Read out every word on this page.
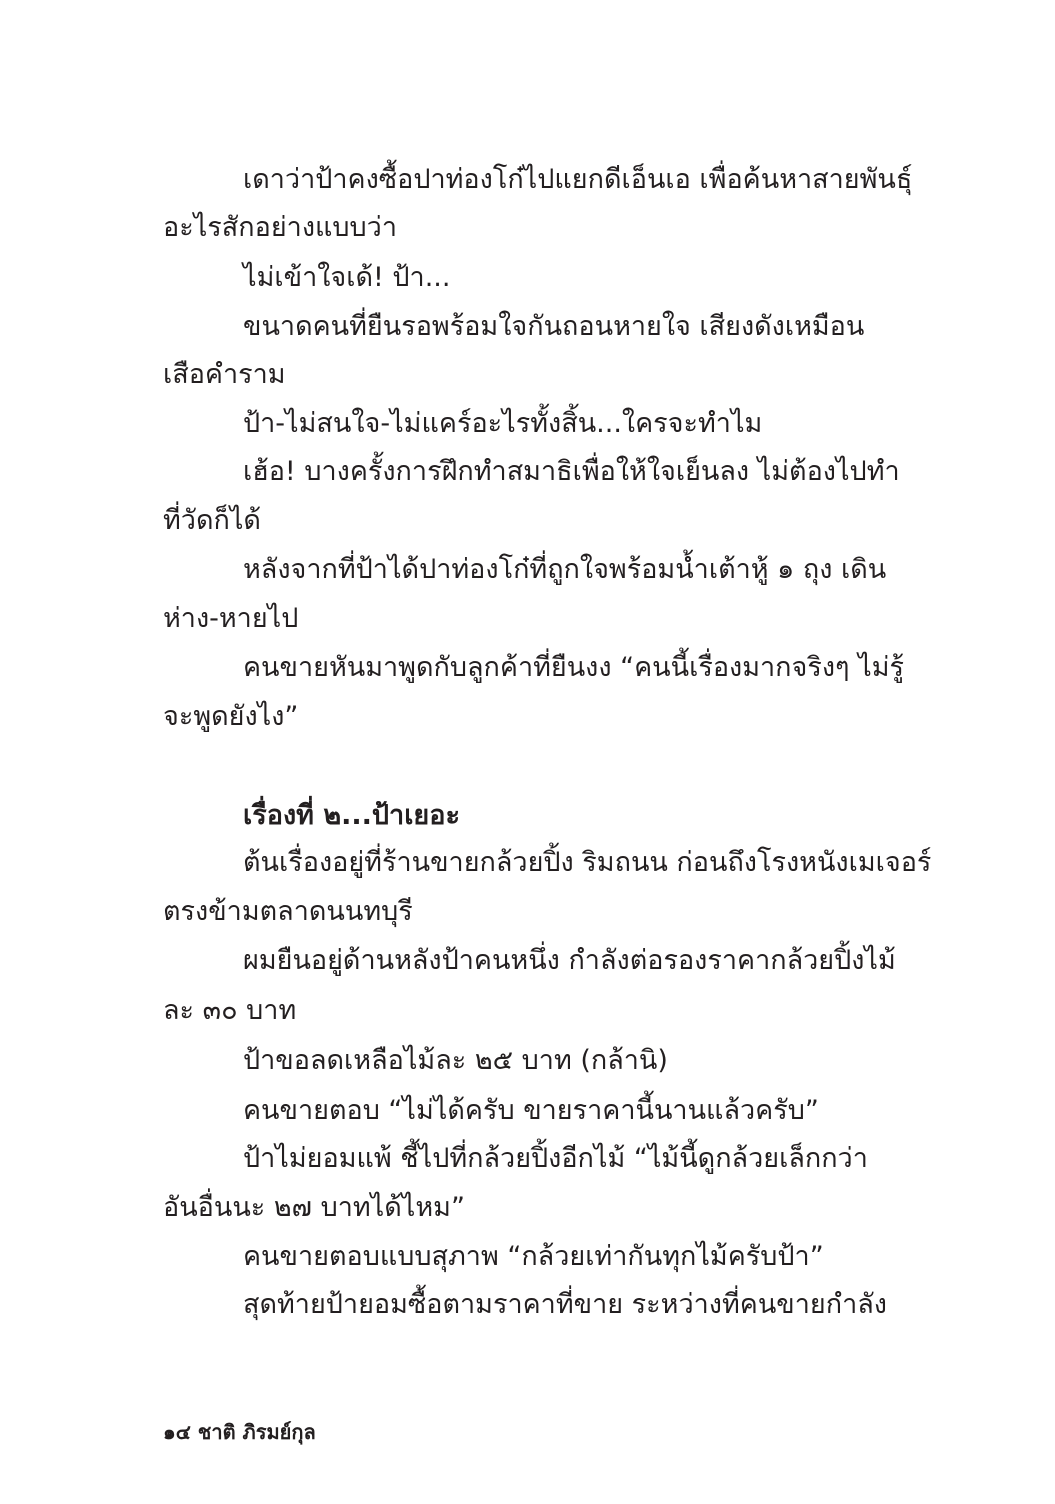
เดาว่าป้าคงซื้อปาท่องโก๋ไปแยกดีเอ็นเอ เพื่อค้นหาสายพันธุ์
อะไรสักอย่างแบบว่า
ไม่เข้าใจเด้! ป้า...
ขนาดคนที่ยืนรอพร้อมใจกันถอนหายใจ เสียงดังเหมือน
เสือคำราม
ป้า-ไม่สนใจ-ไม่แคร์อะไรทั้งสิ้น...ใครจะทำไม
เฮ้อ! บางครั้งการฝึกทำสมาธิเพื่อให้ใจเย็นลง ไม่ต้องไปทำ
ที่วัดก็ได้
หลังจากที่ป้าได้ปาท่องโก๋ที่ถูกใจพร้อมน้ำเต้าหู้ ๑ ถุง เดิน
ห่าง-หายไป
คนขายหันมาพูดกับลูกค้าที่ยืนงง “คนนี้เรื่องมากจริงๆ ไม่รู้
จะพูดยังไง”
เรื่องที่ ๒...ป้าเยอะ
ต้นเรื่องอยู่ที่ร้านขายกล้วยปิ้ง ริมถนน ก่อนถึงโรงหนังเมเจอร์
ตรงข้ามตลาดนนทบุรี
ผมยืนอยู่ด้านหลังป้าคนหนึ่ง กำลังต่อรองราคากล้วยปิ้งไม้
ละ ๓๐ บาท
ป้าขอลดเหลือไม้ละ ๒๕ บาท (กล้านิ)
คนขายตอบ “ไม่ได้ครับ ขายราคานี้นานแล้วครับ”
ป้าไม่ยอมแพ้ ชี้ไปที่กล้วยปิ้งอีกไม้ “ไม้นี้ดูกล้วยเล็กกว่า
อันอื่นนะ ๒๗ บาทได้ไหม”
คนขายตอบแบบสุภาพ “กล้วยเท่ากันทุกไม้ครับป้า”
สุดท้ายป้ายอมซื้อตามราคาที่ขาย ระหว่างที่คนขายกำลัง
๑๔ ชาติ ภิรมย์กุล
